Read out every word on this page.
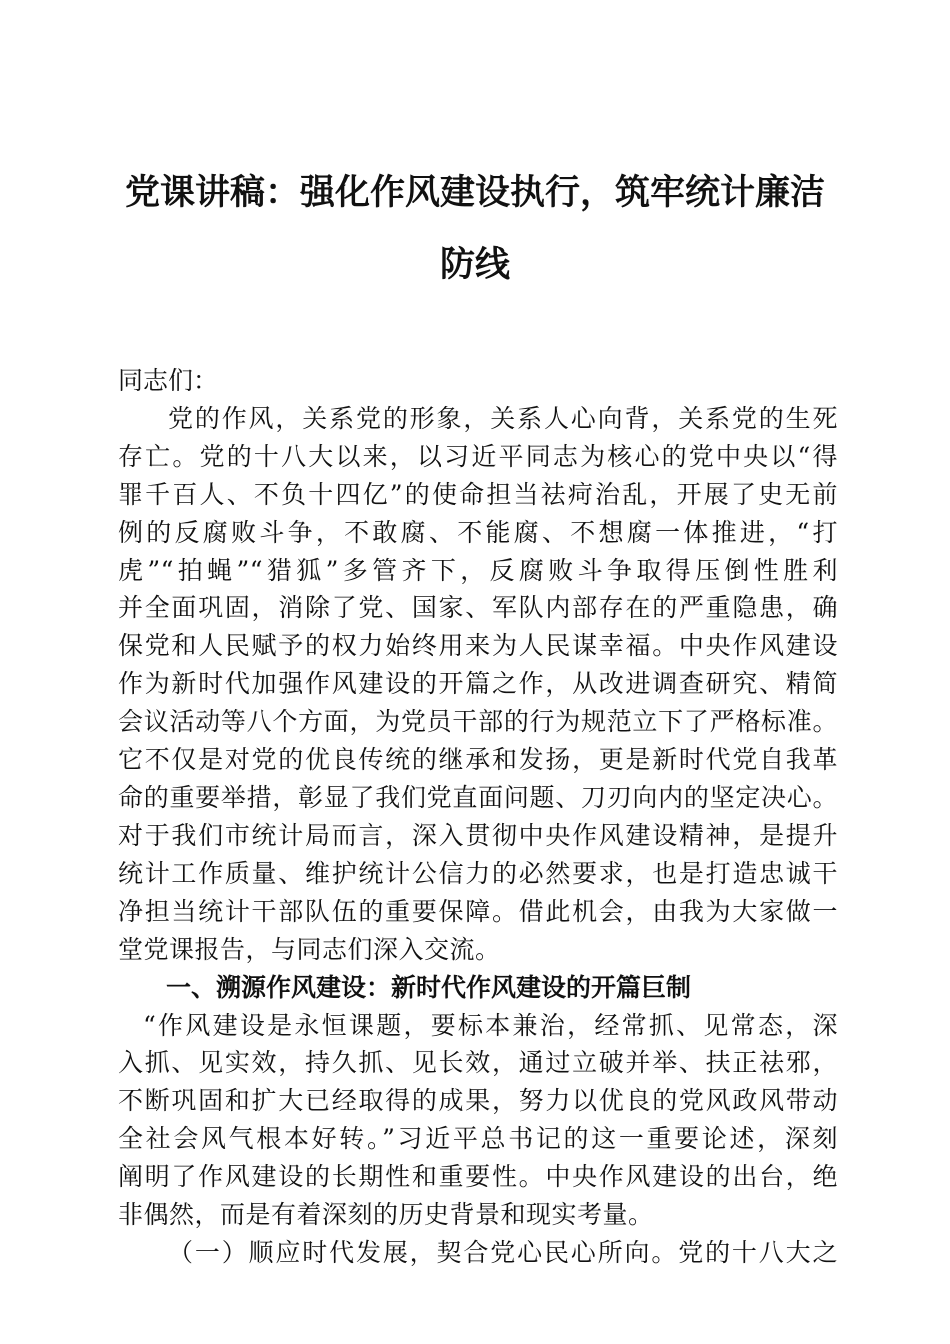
党课讲稿：强化作风建设执行，筑牢统计廉洁
防线

同志们：

党的作风，关系党的形象，关系人心向背，关系党的生死
存亡。党的十八大以来，以习近平同志为核心的党中央以“得
罪千百人、不负十四亿”的使命担当祛疴治乱，开展了史无前
例的反腐败斗争，不敢腐、不能腐、不想腐一体推进，“打
虎”“拍蝇”“猎狐”多管齐下，反腐败斗争取得压倒性胜利
并全面巩固，消除了党、国家、军队内部存在的严重隐患，确
保党和人民赋予的权力始终用来为人民谋幸福。中央作风建设
作为新时代加强作风建设的开篇之作，从改进调查研究、精简
会议活动等八个方面，为党员干部的行为规范立下了严格标准。
它不仅是对党的优良传统的继承和发扬，更是新时代党自我革
命的重要举措，彰显了我们党直面问题、刀刃向内的坚定决心。
对于我们市统计局而言，深入贯彻中央作风建设精神，是提升
统计工作质量、维护统计公信力的必然要求，也是打造忠诚干
净担当统计干部队伍的重要保障。借此机会，由我为大家做一
堂党课报告，与同志们深入交流。

一、溯源作风建设：新时代作风建设的开篇巨制

“作风建设是永恒课题，要标本兼治，经常抓、见常态，深
入抓、见实效，持久抓、见长效，通过立破并举、扶正祛邪，
不断巩固和扩大已经取得的成果，努力以优良的党风政风带动
全社会风气根本好转。”习近平总书记的这一重要论述，深刻
阐明了作风建设的长期性和重要性。中央作风建设的出台，绝
非偶然，而是有着深刻的历史背景和现实考量。

（一）顺应时代发展，契合党心民心所向。党的十八大之
